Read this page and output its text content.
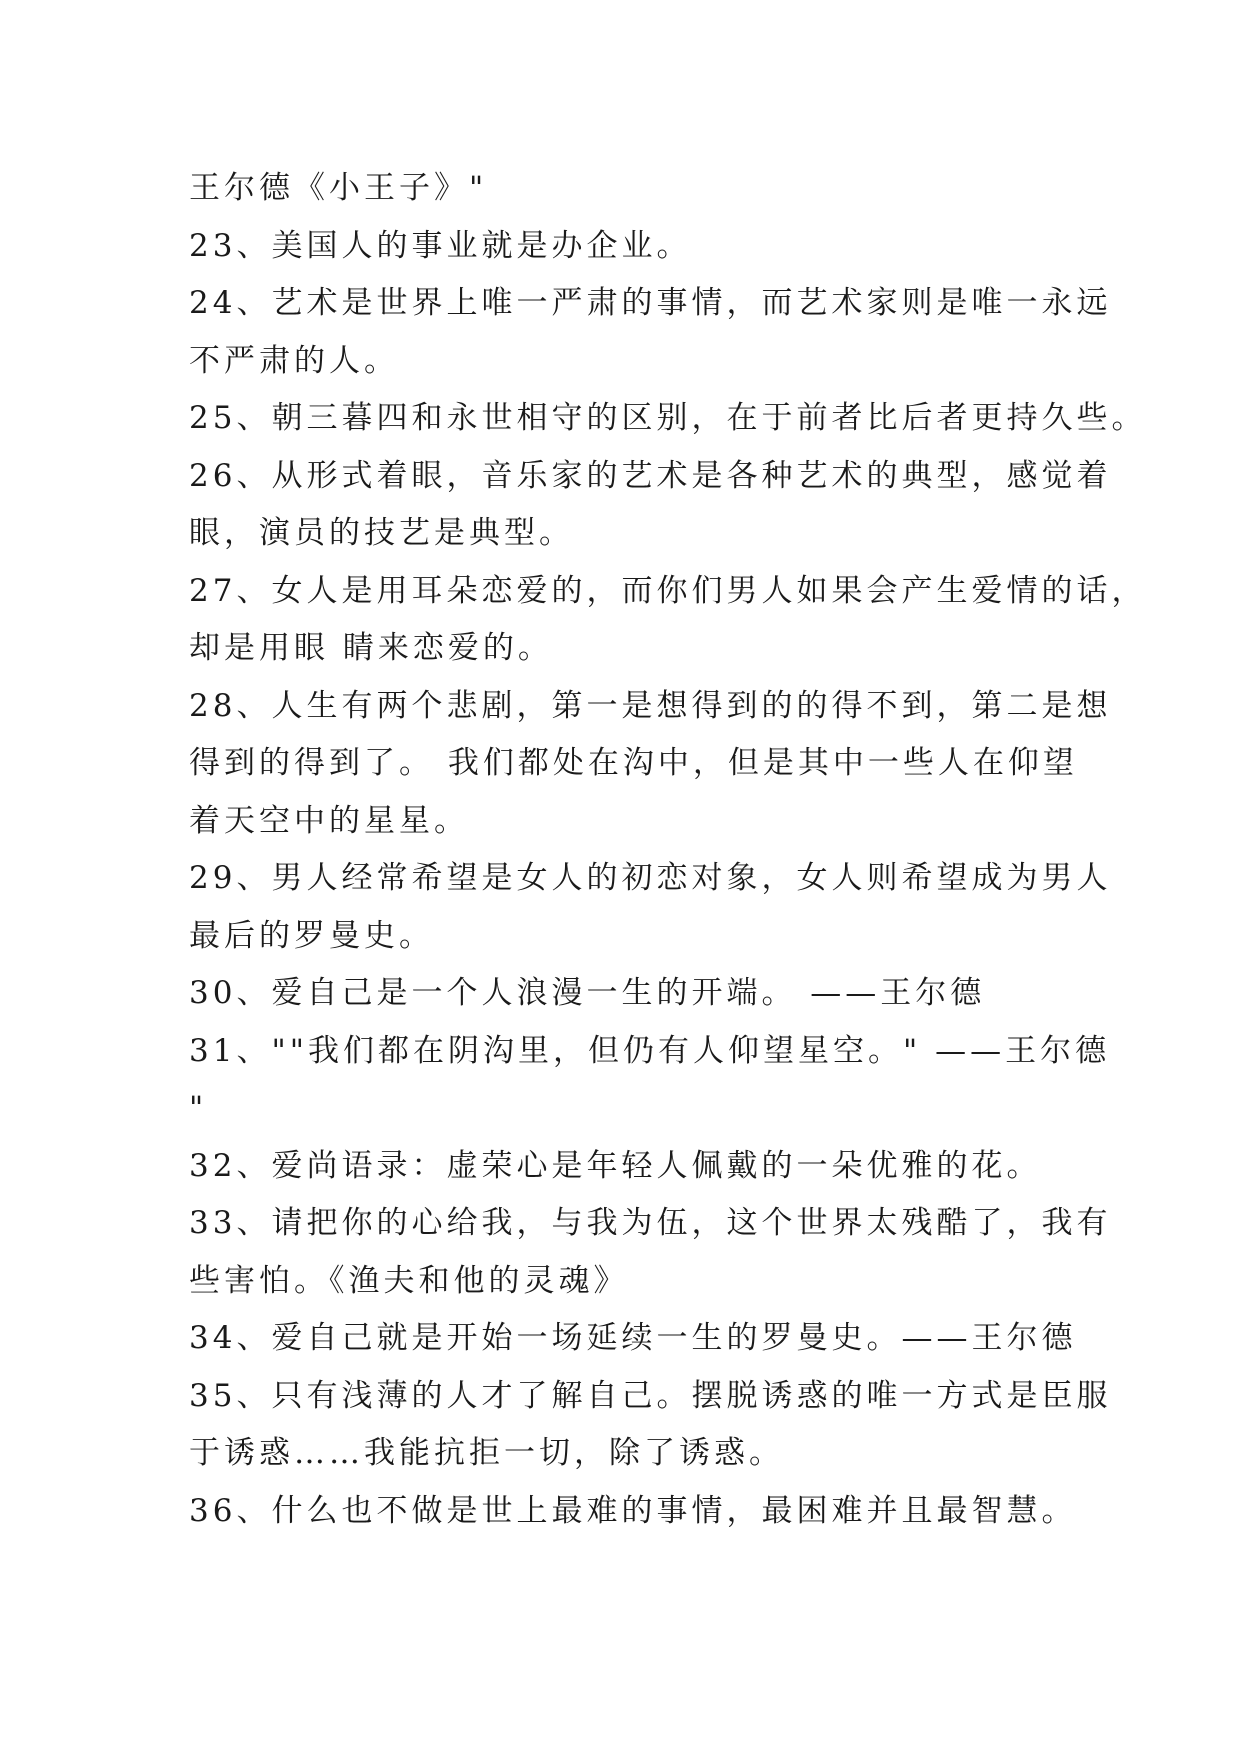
王尔德《小王子》"
23、美国人的事业就是办企业。
24、艺术是世界上唯一严肃的事情，而艺术家则是唯一永远
不严肃的人。
25、朝三暮四和永世相守的区别，在于前者比后者更持久些。
26、从形式着眼，音乐家的艺术是各种艺术的典型，感觉着
眼，演员的技艺是典型。
27、女人是用耳朵恋爱的，而你们男人如果会产生爱情的话，
却是用眼 睛来恋爱的。
28、人生有两个悲剧，第一是想得到的的得不到，第二是想
得到的得到了。 我们都处在沟中，但是其中一些人在仰望
着天空中的星星。
29、男人经常希望是女人的初恋对象，女人则希望成为男人
最后的罗曼史。
30、爱自己是一个人浪漫一生的开端。 ——王尔德
31、""我们都在阴沟里，但仍有人仰望星空。" ——王尔德
"
32、爱尚语录：虚荣心是年轻人佩戴的一朵优雅的花。
33、请把你的心给我，与我为伍，这个世界太残酷了，我有
些害怕。《渔夫和他的灵魂》
34、爱自己就是开始一场延续一生的罗曼史。——王尔德
35、只有浅薄的人才了解自己。摆脱诱惑的唯一方式是臣服
于诱惑……我能抗拒一切，除了诱惑。
36、什么也不做是世上最难的事情，最困难并且最智慧。
